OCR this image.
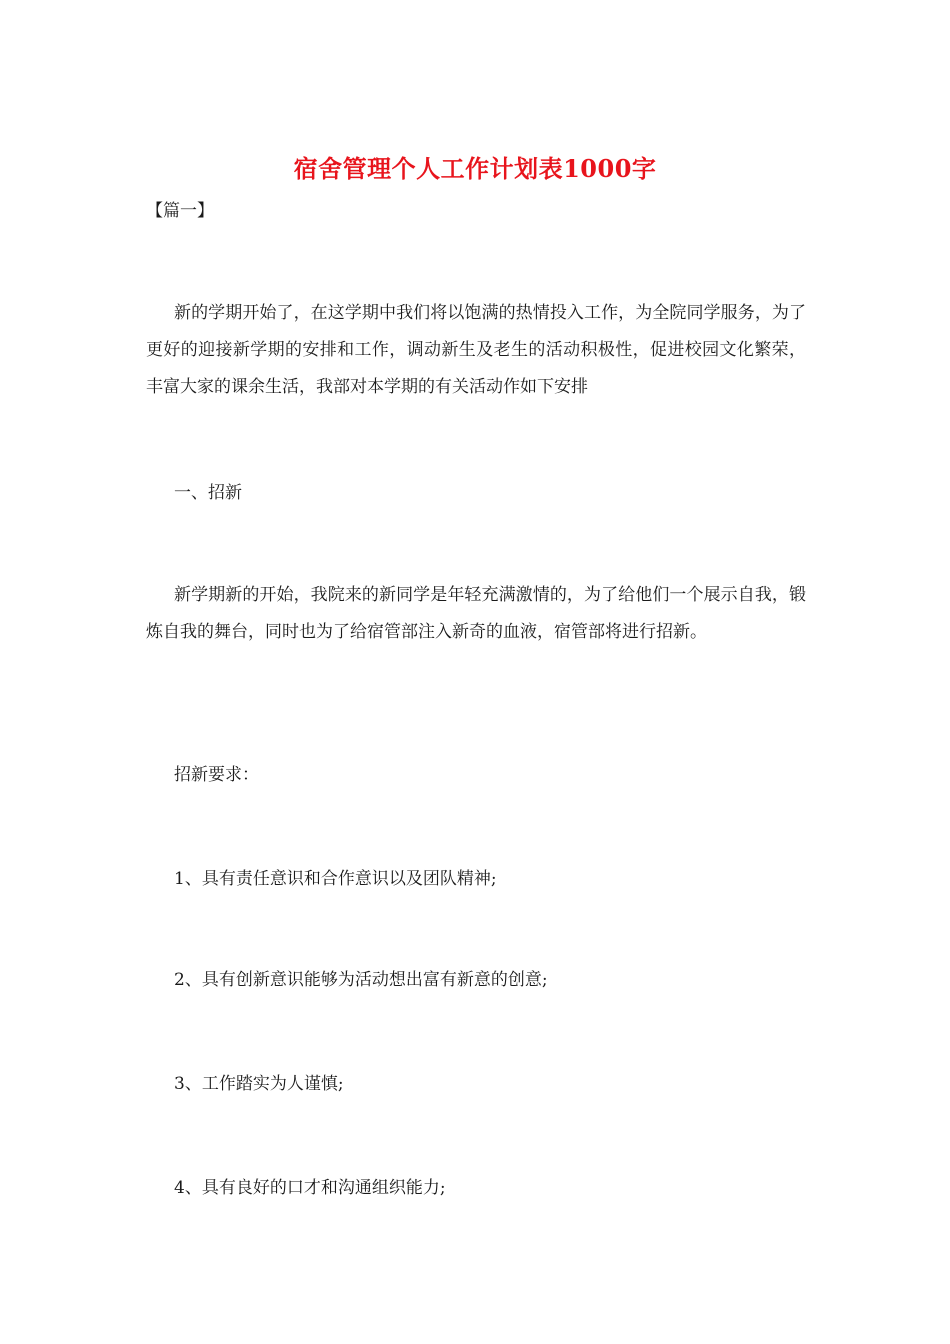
宿舍管理个人工作计划表1000字
【篇一】

新的学期开始了，在这学期中我们将以饱满的热情投入工作，为全院同学服务，为了更好的迎接新学期的安排和工作，调动新生及老生的活动积极性，促进校园文化繁荣，丰富大家的课余生活，我部对本学期的有关活动作如下安排

一、招新

新学期新的开始，我院来的新同学是年轻充满激情的，为了给他们一个展示自我，锻炼自我的舞台，同时也为了给宿管部注入新奇的血液，宿管部将进行招新。

招新要求：
1、具有责任意识和合作意识以及团队精神;
2、具有创新意识能够为活动想出富有新意的创意;
3、工作踏实为人谨慎;
4、具有良好的口才和沟通组织能力;
